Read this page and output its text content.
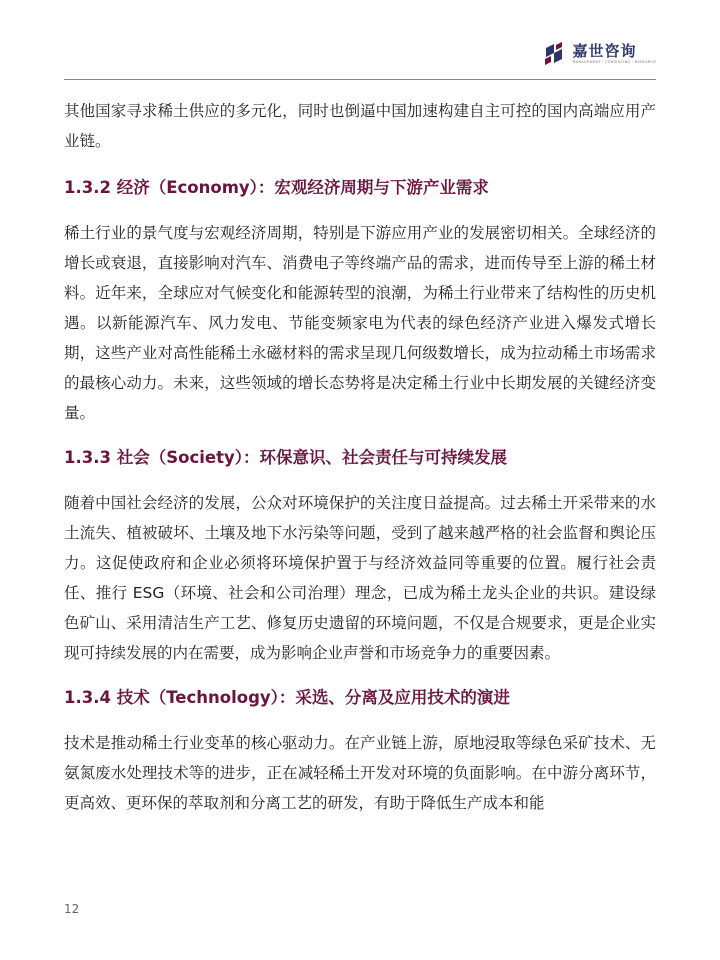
嘉世咨询
MANAGEMENT · CONSULTING · RESEARCH

其他国家寻求稀土供应的多元化，同时也倒逼中国加速构建自主可控的国内高端应用产业链。

1.3.2 经济（Economy）：宏观经济周期与下游产业需求

稀土行业的景气度与宏观经济周期，特别是下游应用产业的发展密切相关。全球经济的增长或衰退，直接影响对汽车、消费电子等终端产品的需求，进而传导至上游的稀土材料。近年来，全球应对气候变化和能源转型的浪潮，为稀土行业带来了结构性的历史机遇。以新能源汽车、风力发电、节能变频家电为代表的绿色经济产业进入爆发式增长期，这些产业对高性能稀土永磁材料的需求呈现几何级数增长，成为拉动稀土市场需求的最核心动力。未来，这些领域的增长态势将是决定稀土行业中长期发展的关键经济变量。

1.3.3 社会（Society）：环保意识、社会责任与可持续发展

随着中国社会经济的发展，公众对环境保护的关注度日益提高。过去稀土开采带来的水土流失、植被破坏、土壤及地下水污染等问题，受到了越来越严格的社会监督和舆论压力。这促使政府和企业必须将环境保护置于与经济效益同等重要的位置。履行社会责任、推行 ESG（环境、社会和公司治理）理念，已成为稀土龙头企业的共识。建设绿色矿山、采用清洁生产工艺、修复历史遗留的环境问题，不仅是合规要求，更是企业实现可持续发展的内在需要，成为影响企业声誉和市场竞争力的重要因素。

1.3.4 技术（Technology）：采选、分离及应用技术的演进

技术是推动稀土行业变革的核心驱动力。在产业链上游，原地浸取等绿色采矿技术、无氨氮废水处理技术等的进步，正在减轻稀土开发对环境的负面影响。在中游分离环节，更高效、更环保的萃取剂和分离工艺的研发，有助于降低生产成本和能

12
